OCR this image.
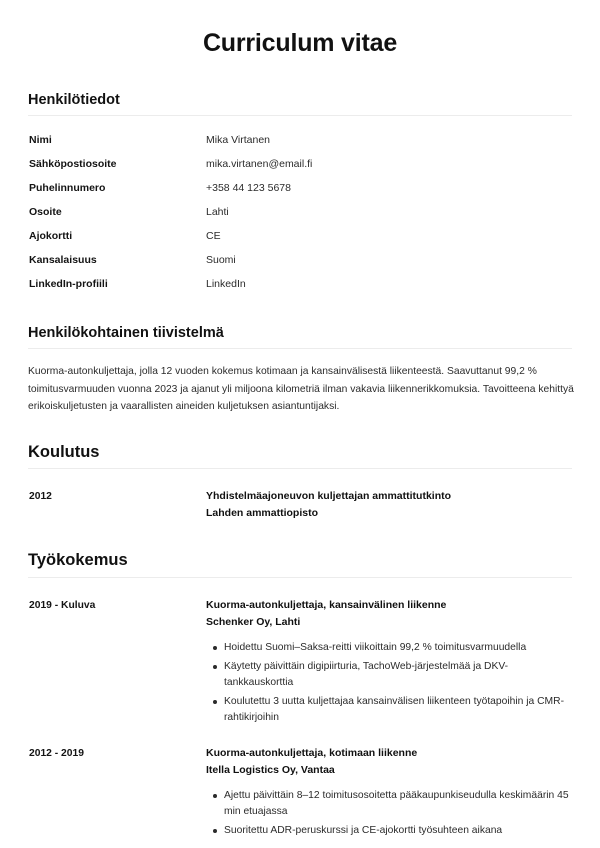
Curriculum vitae
Henkilötiedot
Nimi	Mika Virtanen
Sähköpostiosoite	mika.virtanen@email.fi
Puhelinnumero	+358 44 123 5678
Osoite	Lahti
Ajokortti	CE
Kansalaisuus	Suomi
LinkedIn-profiili	LinkedIn
Henkilökohtainen tiivistelmä

Kuorma-autonkuljettaja, jolla 12 vuoden kokemus kotimaan ja kansainvälisestä liikenteestä. Saavuttanut 99,2 % toimitusvarmuuden vuonna 2023 ja ajanut yli miljoona kilometriä ilman vakavia liikennerikkomuksia. Tavoitteena kehittyä erikoiskuljetusten ja vaarallisten aineiden kuljetuksen asiantuntijaksi.

Koulutus
2012	Yhdistelmäajoneuvon kuljettajan ammattitutkinto
Lahden ammattiopisto
Työkokemus
2019 - Kuluva	Kuorma-autonkuljettaja, kansainvälinen liikenne
Schenker Oy, Lahti
Hoidettu Suomi–Saksa-reitti viikoittain 99,2 % toimitusvarmuudella
Käytetty päivittäin digipiirturia, TachoWeb-järjestelmää ja DKV-tankkauskorttia
Koulutettu 3 uutta kuljettajaa kansainvälisen liikenteen työtapoihin ja CMR-rahtikirjoihin
2012 - 2019	Kuorma-autonkuljettaja, kotimaan liikenne
Itella Logistics Oy, Vantaa
Ajettu päivittäin 8–12 toimitusosoitetta pääkaupunkiseudulla keskimäärin 45 min etuajassa
Suoritettu ADR-peruskurssi ja CE-ajokortti työsuhteen aikana
